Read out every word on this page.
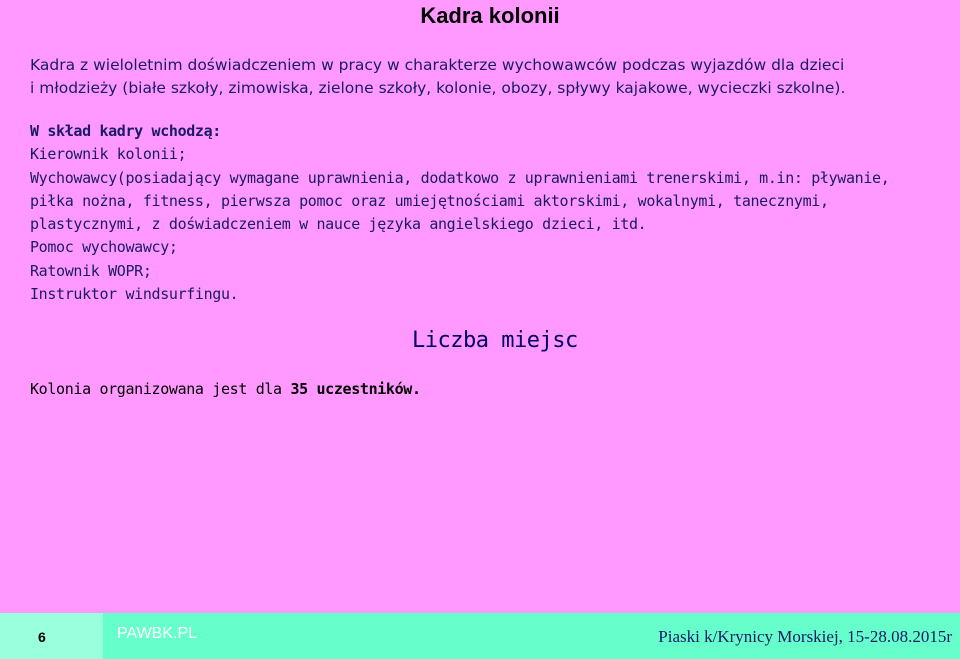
Kadra kolonii
Kadra z wieloletnim doświadczeniem w pracy w charakterze wychowawców podczas wyjazdów dla dzieci
i młodzieży (białe szkoły, zimowiska, zielone szkoły, kolonie, obozy, spływy kajakowe, wycieczki szkolne).
W skład kadry wchodzą:
Kierownik kolonii;
Wychowawcy(posiadający wymagane uprawnienia, dodatkowo z uprawnieniami trenerskimi, m.in: pływanie,
piłka nożna, fitness, pierwsza pomoc oraz umiejętnościami aktorskimi, wokalnymi, tanecznymi,
plastycznymi, z doświadczeniem w nauce języka angielskiego dzieci, itd.
Pomoc wychowawcy;
Ratownik WOPR;
Instruktor windsurfingu.
Liczba miejsc
Kolonia organizowana jest dla 35 uczestników.
6	PAWBK.PL	Piaski k/Krynicy Morskiej, 15-28.08.2015r
